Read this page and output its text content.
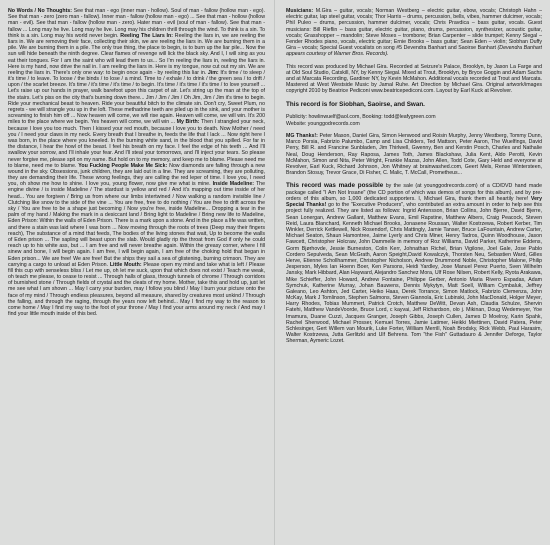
No Words / No Thoughts: See that man - ego (inner man - hollow). Soul of man - fallow (hollow man - ego). See that man - zero (zero man - fallow). Inner man - fallow (hollow man - ego) ... See that man - hollow (hollow man - evil). See that man - fallow (hollow man - zero). Hater man - evil (soul of man - fallow). See that man - fallow ... Long may he live. Long may he live. Long may his children thrill through the wind. To think is a sin. To think is a sin. Long may his world never begin. Reeling The Liars In: Reeling the liars in, we are reeling the liars in. We are removing their face, collecting their skin, we are reeling the liars in. We are burning them in a pile. We are burning them in a pile. The only true thing, the place to begin, is to burn up the liar pile... Now the sun will hide beneath the ninth degree. Clear flames of revenge will lick the black sky. And I, I will sing as you eat their tongues. For I am the saint who will lead them to us... So I'm reeling the liars in, reeling the liars in. Here is my hand, now drive the nail in. I am reeling the liars in. Here is my tongue, now cut out my sin. We are reeling the liars in. There's only one way: to begin once again - by reeling this liar in. Jim: It's time / to sleep / it's time / to leave. To loose / the binds / to lose / a mind. Time to / exhale / to drink / the green sea / to drift / upon / the scarlet breeze. It's time / it's time / it's time / to begin. It's time / it's time / it's time / to love yourself ... Let's raise up our hands in prayer, walk barefoot upon this carpet of air. Let's string up the man at the top of the stairs. Let's piss on the city that's burning down there... Jim / Jim / Jim / Oh Jim, Jim / Jim it's time to begin. Ride your mechanical beast to heaven. Ride your beautiful bitch to the climate sin. Don't cry, Sweet Plum, no regrets - we will strangle you up in the loft. These methadrine teeth are piled up in the sink, and your mother is screaming to finish him off ... Now heaven will come, we will rise again. Heaven will come, we will win. It's 200 miles to the place where we begin. Yes heaven will come, we will win ... My Birth: Then I strangled your neck, because I love you too much. Then I kissed your red mouth, because I love you to death. Now Mother / need you / I need your claws in my neck. Every breath that I breathe in, feeds the life that I lack ... Now right here I was born, in the place where you kneeled. In the burning white sand, in the blood that you spilled. For far in the distance, I hear the howl of the beast. I feel his breath on my face. I feel the edge of his teeth ... And I'll swallow your sorrow, and I'll inhale your fear. And I'll steal your tomorrows, and I'll inject your tears. So please never forgive me, please spit on my name. But hold on to my memory, and keep me to blame. Please need me to blame, need me to blame. You Fucking People Make Me Sick: Now diamonds are falling through a new wound in the sky. Obsessions, junk children, they are laid out in a line. They are screaming, they are polluting, they are demanding their life. These wrong feelings, they are calling the red leper of time. I love you, I need you, oh show me how to shine. I love you, young flower, now give me what is mine. Inside Madeline: The engine divine / is inside Madeline / The stardust is yellow and red / And it's mapping out time inside of her head... You are forgiven / Bring us from where our limbs intertwined / Now walking a random invisible line / Clutching like snow to the side of the vine ... You are free, free to do nothing / You are free to drift across the sky / You are free to be a shape just becoming / Now you're free, inside Madeline... Dropping a tear in the palm of my hand / Making the mark in a desiccant land / Bring light to Madeline / Bring new life to Madeline, Eden Prison: Within the walls of Eden Prison. There is a mark upon a stone. And in the place a life was written, and there a stain was laid where I was born ... Now moving through the roots of trees (Deep may their fingers reach), The substance of a mind that feeds, The bodies of the living stones that wait, Up to become the walls of Eden prison ... The sapling will beast upon the slab. Would gladly rip the throat from God if only he could reach up to his white ass, but ... I am free and will never breathe again. Within the greasy corner, where I fill sinew and bone, I will begin again. I am free, I will begin again, I am free of the choking hold that began in Eden prison... We are free! We are free! But the ships they sail a sea of glistening, burning crimson. They are carrying a cargo to unload at Eden Prison. Little Mouth: Please open my mind and take what is left / Please fill this cup with senseless bliss / Let me up, oh let me suck, upon that which does not exist / Teach me weak, oh teach me please, to cease to resist ... Through halls of glass, through tunnels of chrome / Through corridors of burnished stone / Through fields of crystal and the cleats of my home. Mother, take this and hold up, just let me see what I am shown ... May I carry your burden, may I follow you blind / May I burn your picture onto the face of my mind / Through endless pleasures, beyond all measure, shared by creatures most unkind / Through the falling, and through the raging, through the years now left behind... May I find my way to the reason to come home / May I find my way to the foot of your throne / May I find your arms around my neck / And may I find your little mouth inside of this bed.

Musicians: M.Gira – guitar, vocals; Norman Westberg – electric guitar, ebow, vocals; Christoph Hahn – electric guitar, lap steel guitar, vocals; Thor Harris – drums, percussion, bells, vibes, hammer dulcimer, vocals; Phil Puleo – drums, percussion, hammer dulcimer, vocals; Chris Pravdica – bass guitar, vocals. Guest musicians: Bill Rieflin – bass guitar, electric guitar, piano, drums, percussion, synthesizer, acoustic guitar, vocals; Grasshopper – mandolin; Steve Moses – trombone; Brian Carpenter – slide trumpet; Kenny Siegal – Fender Rhodes piano, vocals, electric guitar; Ernie Brooks – bass guitar; Sean Eden – violin; Siobhan Duffy Gira – vocals; Special Guest vocalists on song #5 Devendra Banhart and Saoirse Banhart (Devendra Banhart appears courtesy of Warner Bros. Records).

This record was produced by Michael Gira. Recorded at Seizure's Palace, Brooklyn, by Jason La Farge and at Old Soul Studio, Catskill, NY, by Kenny Siegal. Mixed at Trout, Brooklyn, by Bryce Goggin and Adam Sachs and at Marcata Recording, Gardiner NY, by Kevin McMahon. Additional vocals recorded at Trout and Marcata. Mastered at West Westside Music by Jamal Ruhe. Art Direction by Michael Gira. Original artwork/images copyright 2010 by Beatrice Pediconi www.beatricepediconi.com. Layout by Earl Kuck at Revolver.

This record is for Siobhan, Saoirse, and Swan.

Publicity: howlinwuelf@aol.com, Booking: todd@leafygreen.com

Website: younggodrecords.com

MG Thanks!: Peter Mason, Daniel Gira, Simon Henwood and Roisin Murphy, Jenny Westberg, Tommy Dunn, Marco Porsia, Fabrizio Palumbo, Camp and Lisa Childers, Ted Mattson, Peter Aaron, The Wuelfings, David Perry, Bill R. and Francine Sunbladen, Jim Thirlwell, Gwenny, Ben and Kerstin Posch, Charles and Nathalie Neal, Doug Henderson, Ray Raposa, James Toth, James Blackshaw, Julia Kent, Aldo Perotti, Kevin McMahon, Simon and Nita, Peter Wright, Frankie Mazas, John Allen, Todd Cote, Gary Held and everyone at Revolver, Earl Kuck, Richard Johnson, Jon Whitney at brainwashed.com, Geert Mels, Rense Wintersteen, Brandon Stosuy, Trevor Grace, Di Fisher, C. Malic, T. McCall, Prometheus...

This record was made possible by the sale (at younggodrecords.com) of a CD/DVD hand made package called "I Am Not Insane" (the CD portion of which was demos of songs for this album), and by pre-orders of this album, so 1,000 dedicated supporters. I, Michael Gira, thank them all heartily here! Very Special Thanks! go to the "Executive Producers", who contributed an extra amount in order to help see this project fully realized. They are listed as follows: Ingrid Antensson, Brian Collins, John Bjerre, David Bjerre, Sean Lonergan, Andrew Gallant, Matthew Evans, Emil Rapstine, Matthew Albers, Craig Peacock, Steven Reid, Laura Blanchard, Kenneth Michael Brooks, Jonasene Roussan, Walter Kostrzewa, Robert Kerber, Tim Winkler, Derrick Kettlewell, Nick Rosendorf, Chris Mattingly, Jamie Tanser, Bruce LaFountain, Andrew Carter, Michael Seaton, Shaun Hamontree, Jaime Lyerly and Chris Miner, Henry Tadros, Quinn Woodhouse, Jason Fawcett, Christopher Holcraw, John Dammelle in memory of Roz Williams, David Parker, Katherine Eddens, Gorm Bjørhovde, Jessie Burneston, Colin Kerr, Johnathan Richel, Brian Vigilone, Joel Gale, Jose Pablo Cordero Sepulveda, Sean McGrath, Aaron Speight,David Kowalczyk, Thorsten Neu, Sebastien Ward, Gilles Herve, Etienne Schollhammer, Christopher Nicholson, Andrew Drummond Noble, Christopher Malone, Philip Jesperson, Myles Ian Hoenn Boer, Ken Parsons, Heidi Yardley, Jose Manuel Perez Puerto, Sven Wilhelm Jansky, Mark Hibbard, Alan Hayward, Alejandro Sanchez Mora, Ulf Rose Nilsen, Robert Kelly, Ryota Arakawa, Mike Schieffer, John Howard, Andrew Fontaine, Philippe Gerber, Antonio Maria Rivero Espadas, Adam Symchuk, Katherine Murray, Johan Bauwens, Dennis Mykytyn, Matt Soell, William Cymbaluk, Jeffrey Galeano, Leo Ashton, Jed Carter, Heiko Haas, Derek Torrance, Simon Matlock, Fabrizio Clemenza, John McKay, Mark J Tomlinson, Stephen Salmons, Steven Giannola, Eric Lubinski, John MacDonald, Holger Meyer, Harry Rhodes, Tobias Mummert, Patrick Crotch, Matthew DeWitt, Devan Ash, Claudia Schulze, Shervin Fatehi, Matthew VandeVoorde, Bruce Lord, c kayvai, Jeff Richardson, olo j. Mikinan, Doug Wedemeyer, Yoe Imamura, Duane Cuzzi, Jacques Granger, Joseph Gibbs, Joseph Cullen, James D Moelroy, Karin Spahk, Rachel Sherwood, Michael Prosser, Kemuel Torres, Jamie Latimer, Heikki Miettinen, David Patera, Peter Schlesinger, Gert Willem van Mourik, Luke Forter, William Merrill, Noah Brodsky, Rick Webb, Paul Harasim, Walter Kostrzewa, Jutta Gerlitzki and Ulf Behrens. Tom "the Fish" Guttadauro & Jennifer Deforge, Taylor Sherman, Aymeric Lozet.
